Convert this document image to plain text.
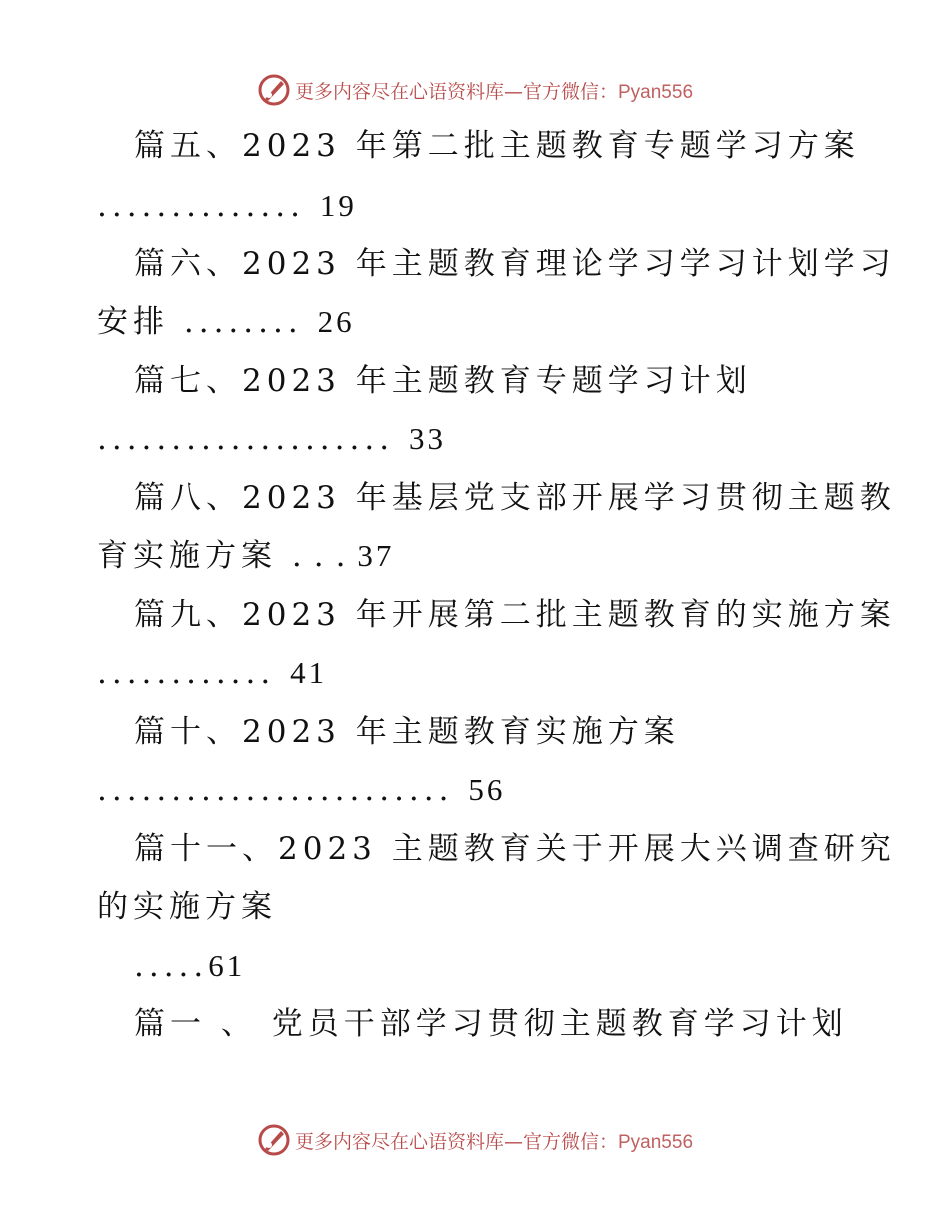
更多内容尽在心语资料库—官方微信：Pyan556
篇五、2023 年第二批主题教育专题学习方案
.............. 19
篇六、2023 年主题教育理论学习学习计划学习
安排 ........ 26
篇七、2023 年主题教育专题学习计划
.................... 33
篇八、2023 年基层党支部开展学习贯彻主题教
育实施方案 ...37
篇九、2023 年开展第二批主题教育的实施方案
............ 41
篇十、2023 年主题教育实施方案
........................ 56
篇十一、2023 主题教育关于开展大兴调查研究
的实施方案
.....61
篇一 、 党员干部学习贯彻主题教育学习计划
更多内容尽在心语资料库—官方微信：Pyan556
